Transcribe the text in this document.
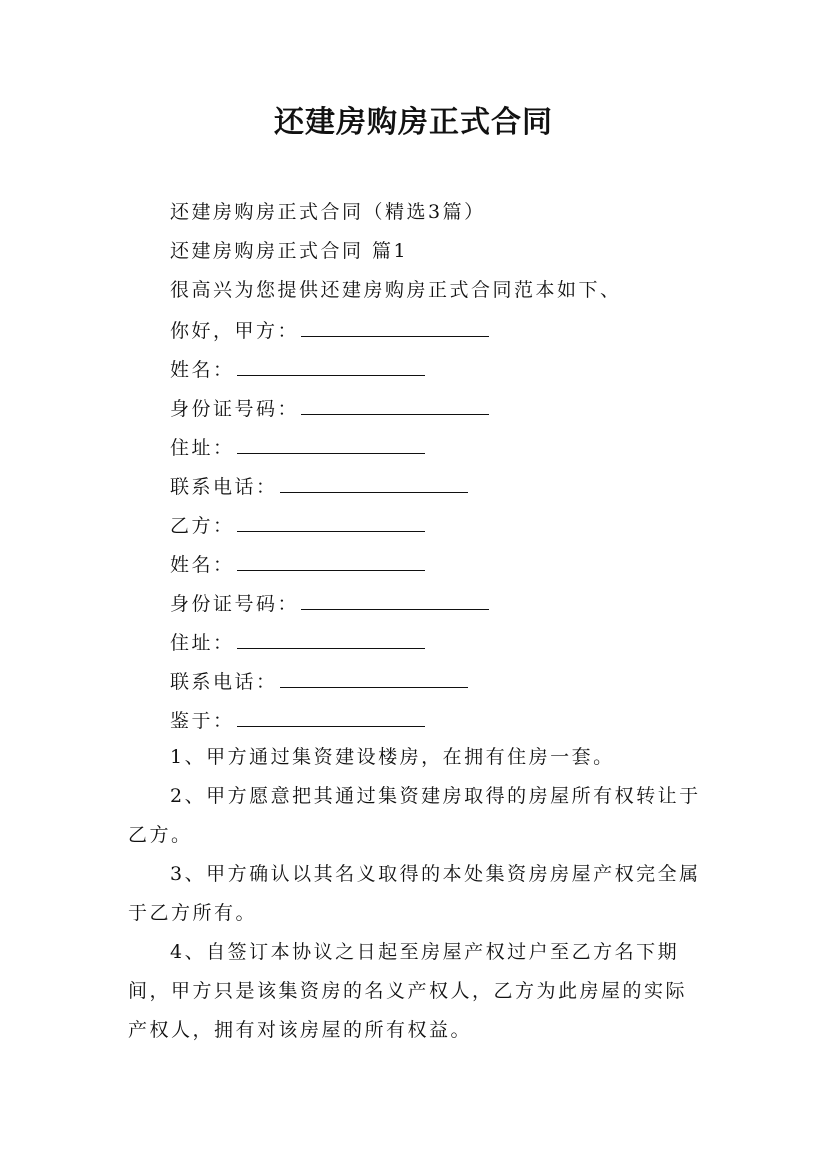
还建房购房正式合同
还建房购房正式合同（精选3篇）
还建房购房正式合同 篇1
很高兴为您提供还建房购房正式合同范本如下、
你好，甲方：
姓名：
身份证号码：
住址：
联系电话：
乙方：
姓名：
身份证号码：
住址：
联系电话：
鉴于：

1、甲方通过集资建设楼房，在拥有住房一套。

2、甲方愿意把其通过集资建房取得的房屋所有权转让于乙方。

3、甲方确认以其名义取得的本处集资房房屋产权完全属于乙方所有。

4、自签订本协议之日起至房屋产权过户至乙方名下期间，甲方只是该集资房的名义产权人，乙方为此房屋的实际产权人，拥有对该房屋的所有权益。
